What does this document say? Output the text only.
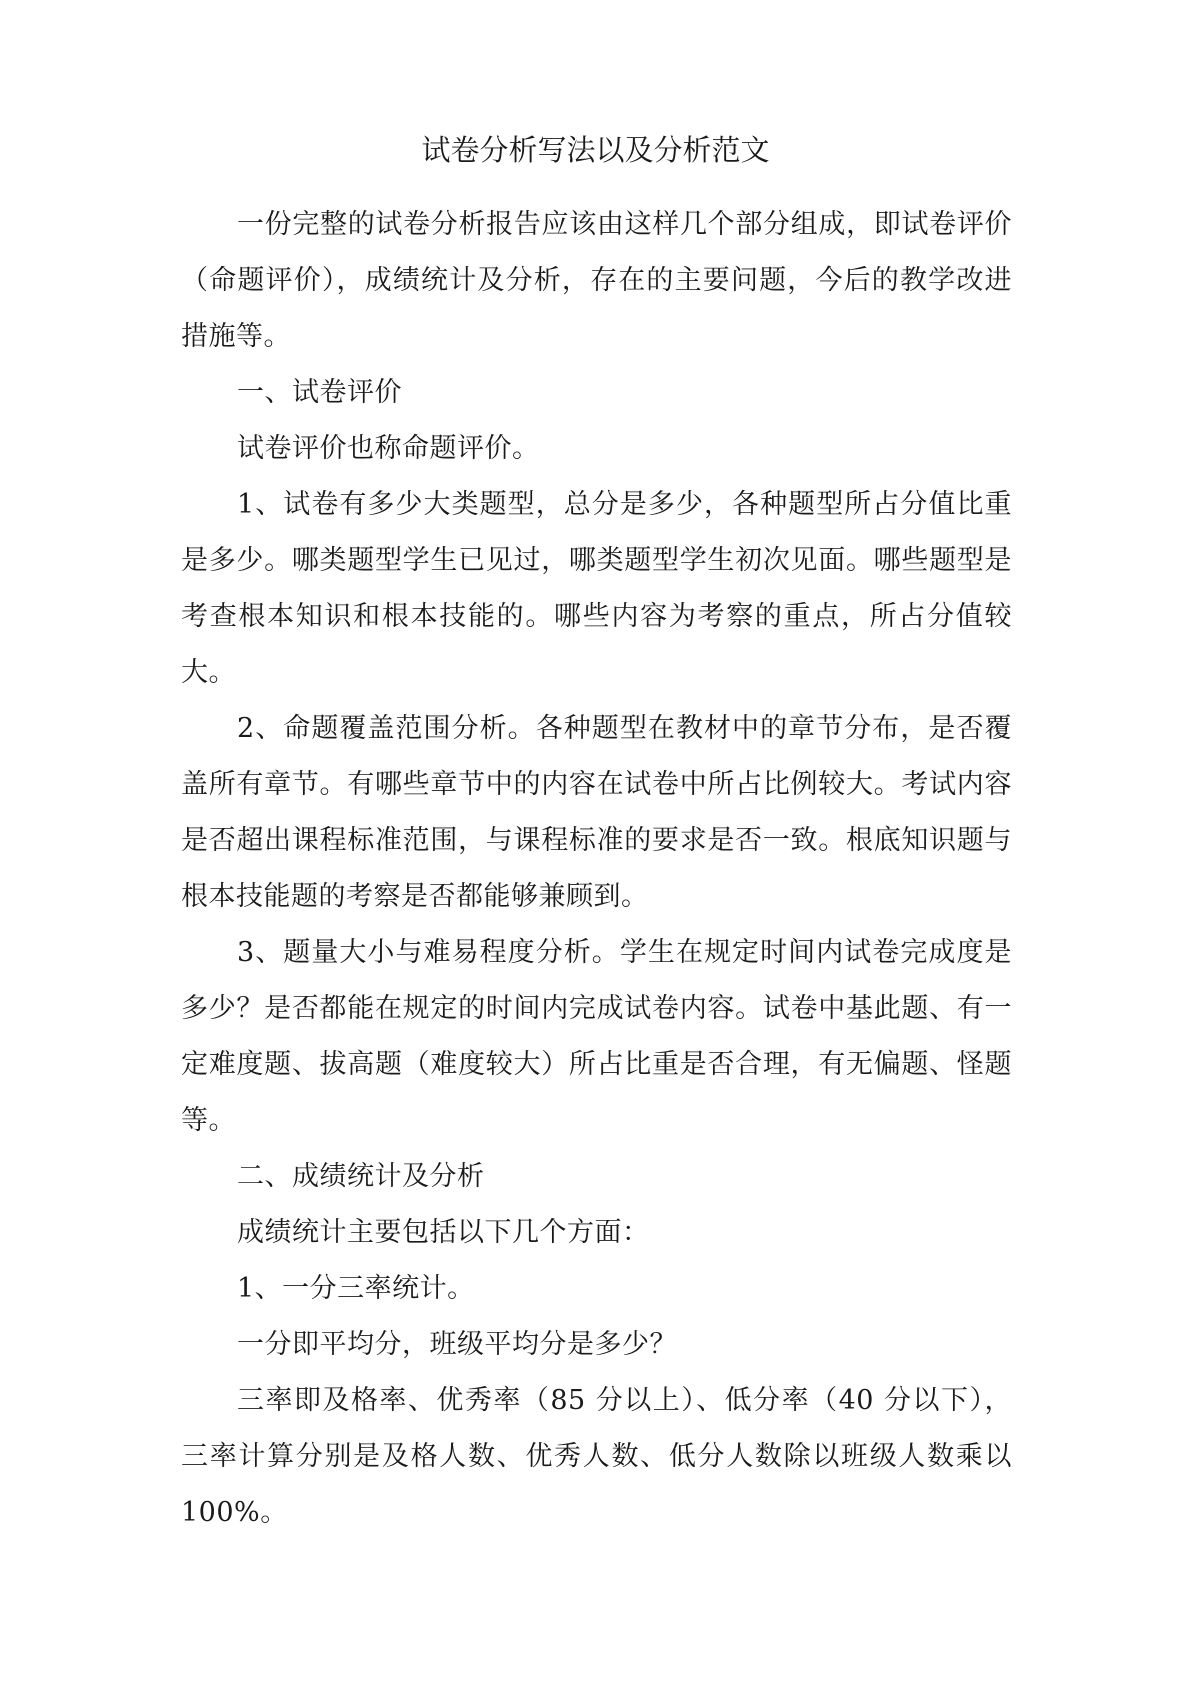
试卷分析写法以及分析范文

一份完整的试卷分析报告应该由这样几个部分组成，即试卷评价（命题评价），成绩统计及分析，存在的主要问题，今后的教学改进措施等。

一、试卷评价

试卷评价也称命题评价。

1、试卷有多少大类题型，总分是多少，各种题型所占分值比重是多少。哪类题型学生已见过，哪类题型学生初次见面。哪些题型是考查根本知识和根本技能的。哪些内容为考察的重点，所占分值较大。

2、命题覆盖范围分析。各种题型在教材中的章节分布，是否覆盖所有章节。有哪些章节中的内容在试卷中所占比例较大。考试内容是否超出课程标准范围，与课程标准的要求是否一致。根底知识题与根本技能题的考察是否都能够兼顾到。

3、题量大小与难易程度分析。学生在规定时间内试卷完成度是多少？是否都能在规定的时间内完成试卷内容。试卷中基此题、有一定难度题、拔高题（难度较大）所占比重是否合理，有无偏题、怪题等。

二、成绩统计及分析

成绩统计主要包括以下几个方面：

1、一分三率统计。

一分即平均分，班级平均分是多少？

三率即及格率、优秀率（85 分以上）、低分率（40 分以下），三率计算分别是及格人数、优秀人数、低分人数除以班级人数乘以100%。
